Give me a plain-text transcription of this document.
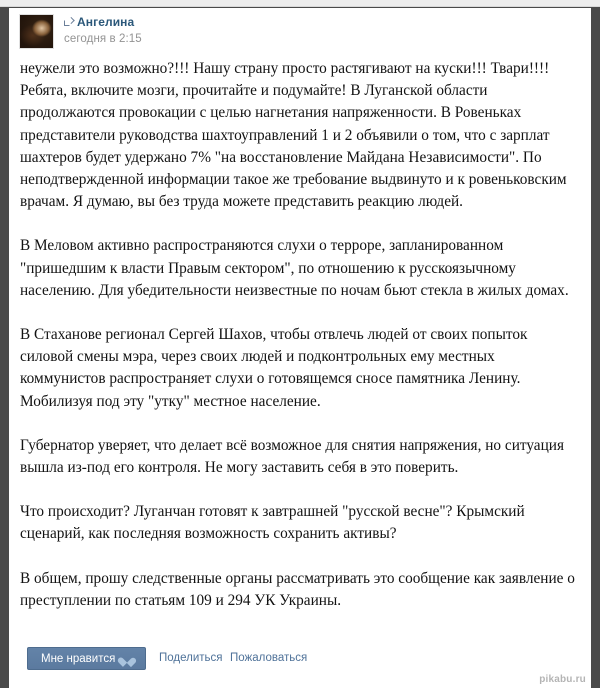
Ангелина
сегодня в 2:15

неужели это возможно?!!! Нашу страну просто растягивают на куски!!! Твари!!!! Ребята, включите мозги, прочитайте и подумайте! В Луганской области продолжаются провокации с целью нагнетания напряженности. В Ровеньках представители руководства шахтоуправлений 1 и 2 объявили о том, что с зарплат шахтеров будет удержано 7% "на восстановление Майдана Независимости". По неподтвержденной информации такое же требование выдвинуто и к ровеньковским врачам. Я думаю, вы без труда можете представить реакцию людей.

В Меловом активно распространяются слухи о терроре, запланированном "пришедшим к власти Правым сектором", по отношению к русскоязычному населению. Для убедительности неизвестные по ночам бьют стекла в жилых домах.

В Стаханове регионал Сергей Шахов, чтобы отвлечь людей от своих попыток силовой смены мэра, через своих людей и подконтрольных ему местных коммунистов распространяет слухи о готовящемся сносе памятника Ленину. Мобилизуя под эту "утку" местное население.

Губернатор уверяет, что делает всё возможное для снятия напряжения, но ситуация вышла из-под его контроля. Не могу заставить себя в это поверить.

Что происходит? Луганчан готовят к завтрашней "русской весне"? Крымский сценарий, как последняя возможность сохранить активы?

В общем, прошу следственные органы рассматривать это сообщение как заявление о преступлении по статьям 109 и 294 УК Украины.

Мне нравится	Поделиться Пожаловаться
pikabu.ru
